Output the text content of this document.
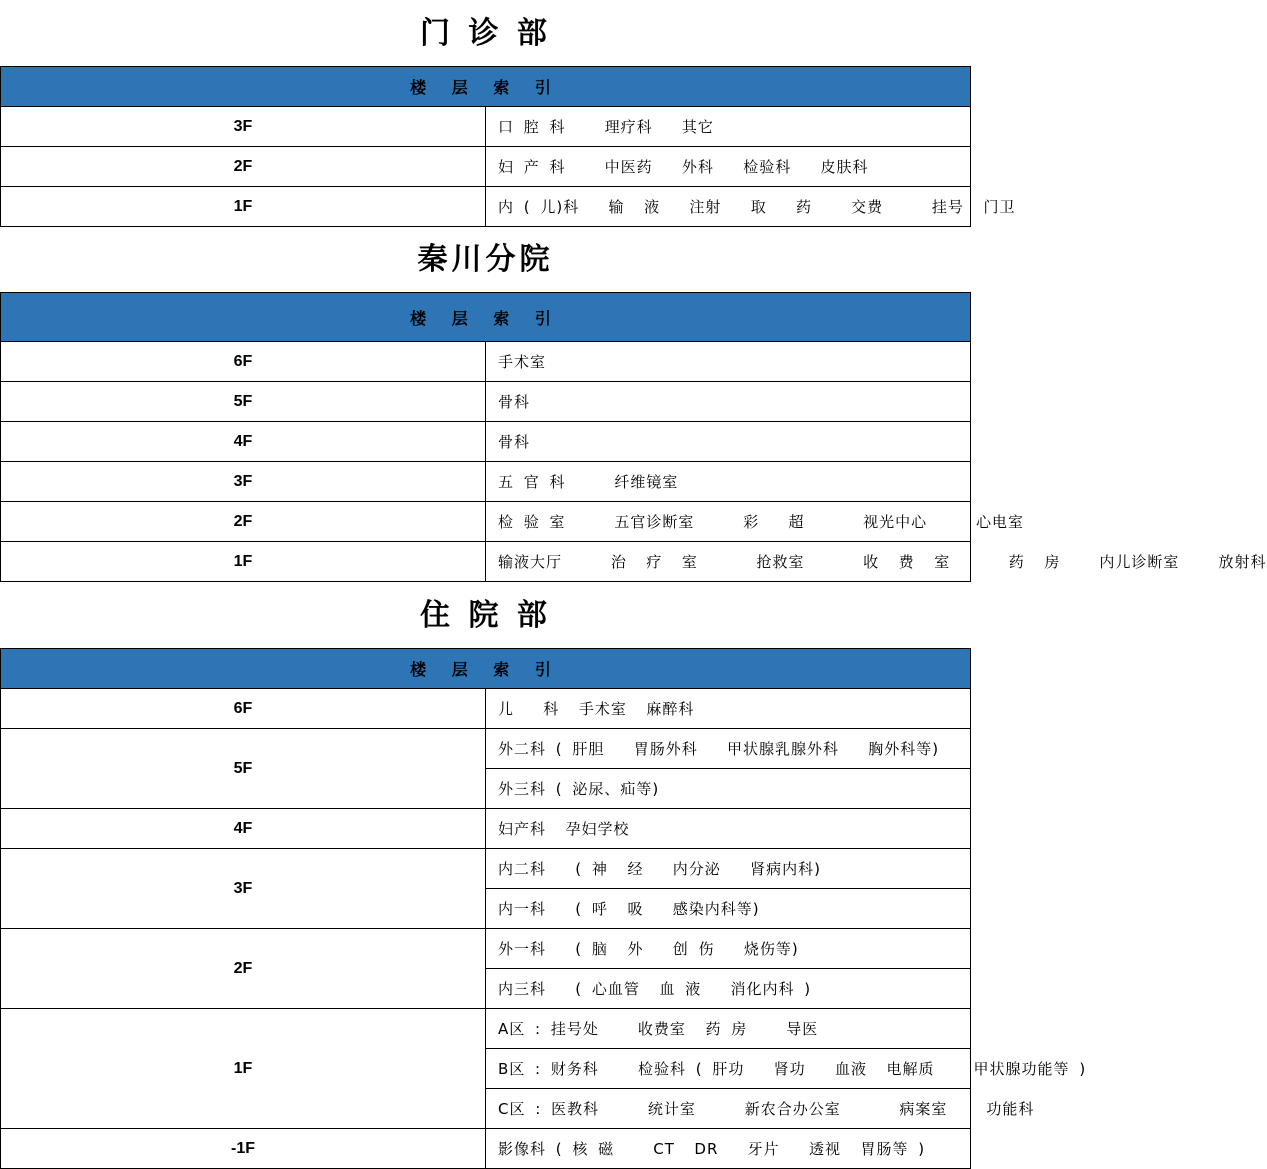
门 诊 部
楼 层 索 引	
3F	口 腔 科    理疗科   其它
2F	妇 产 科    中医药   外科   检验科   皮肤科
1F	内 ( 儿)科   输  液   注射   取   药    交费     挂号  门卫
秦川分院
楼 层 索 引	
6F	手术室
5F	骨科
4F	骨科
3F	五 官 科     纤维镜室
2F	检 验 室     五官诊断室     彩   超      视光中心     心电室
1F	输液大厅     治  疗  室      抢救室      收  费  室      药  房    内儿诊断室    放射科
住 院 部
楼 层 索 引	
6F	儿   科  手术室  麻醉科
5F	外二科 ( 肝胆   胃肠外科   甲状腺乳腺外科   胸外科等)
	外三科 ( 泌尿、疝等)
4F	妇产科  孕妇学校
3F	内二科   ( 神  经   内分泌   肾病内科)
	内一科   ( 呼  吸   感染内科等)
2F	外一科   ( 脑  外   创 伤   烧伤等)
	内三科   ( 心血管  血 液   消化内科 )
1F	A区 : 挂号处    收费室  药 房    导医
	B区 : 财务科    检验科 ( 肝功   肾功   血液  电解质    甲状腺功能等 )
	C区 : 医教科     统计室     新农合办公室      病案室    功能科
-1F	影像科 ( 核 磁    CT  DR   牙片   透视  胃肠等 )
